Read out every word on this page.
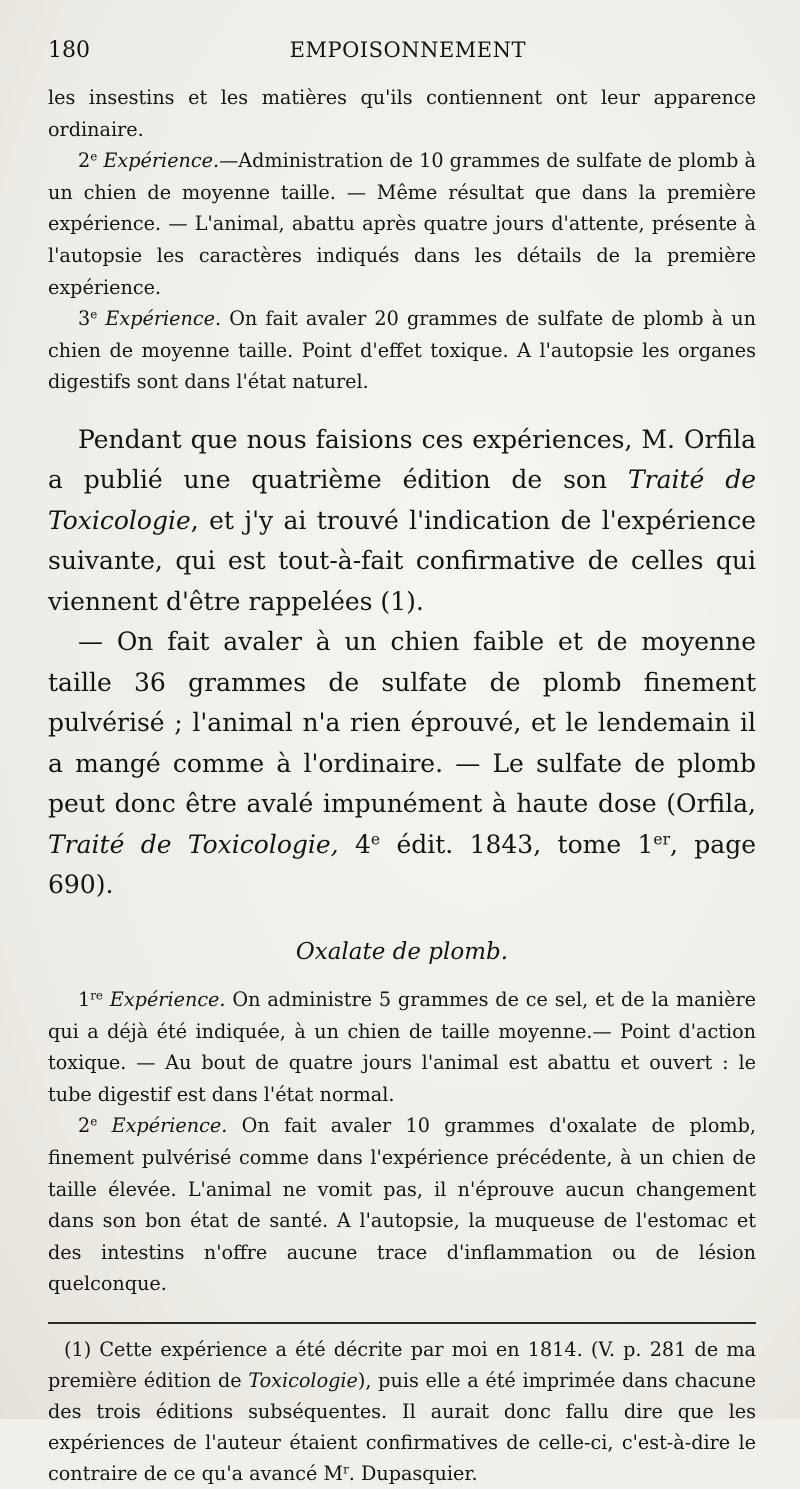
180	EMPOISONNEMENT

les insestins et les matières qu'ils contiennent ont leur apparence ordinaire.

2e Expérience.—Administration de 10 grammes de sulfate de plomb à un chien de moyenne taille. — Même résultat que dans la première expérience. — L'animal, abattu après quatre jours d'attente, présente à l'autopsie les caractères indiqués dans les détails de la première expérience.

3e Expérience. On fait avaler 20 grammes de sulfate de plomb à un chien de moyenne taille. Point d'effet toxique. A l'autopsie les organes digestifs sont dans l'état naturel.

Pendant que nous faisions ces expériences, M. Orfila a publié une quatrième édition de son Traité de Toxicologie, et j'y ai trouvé l'indication de l'expérience suivante, qui est tout-à-fait confirmative de celles qui viennent d'être rappelées (1).

— On fait avaler à un chien faible et de moyenne taille 36 grammes de sulfate de plomb finement pulvérisé ; l'animal n'a rien éprouvé, et le lendemain il a mangé comme à l'ordinaire. — Le sulfate de plomb peut donc être avalé impunément à haute dose (Orfila, Traité de Toxicologie, 4e édit. 1843, tome 1er, page 690).

Oxalate de plomb.

1re Expérience. On administre 5 grammes de ce sel, et de la manière qui a déjà été indiquée, à un chien de taille moyenne.— Point d'action toxique. — Au bout de quatre jours l'animal est abattu et ouvert : le tube digestif est dans l'état normal.

2e Expérience. On fait avaler 10 grammes d'oxalate de plomb, finement pulvérisé comme dans l'expérience précédente, à un chien de taille élevée. L'animal ne vomit pas, il n'éprouve aucun changement dans son bon état de santé. A l'autopsie, la muqueuse de l'estomac et des intestins n'offre aucune trace d'inflammation ou de lésion quelconque.

(1) Cette expérience a été décrite par moi en 1814. (V. p. 281 de ma première édition de Toxicologie), puis elle a été imprimée dans chacune des trois éditions subséquentes. Il aurait donc fallu dire que les expériences de l'auteur étaient confirmatives de celle-ci, c'est-à-dire le contraire de ce qu'a avancé $M^r$. Dupasquier.
